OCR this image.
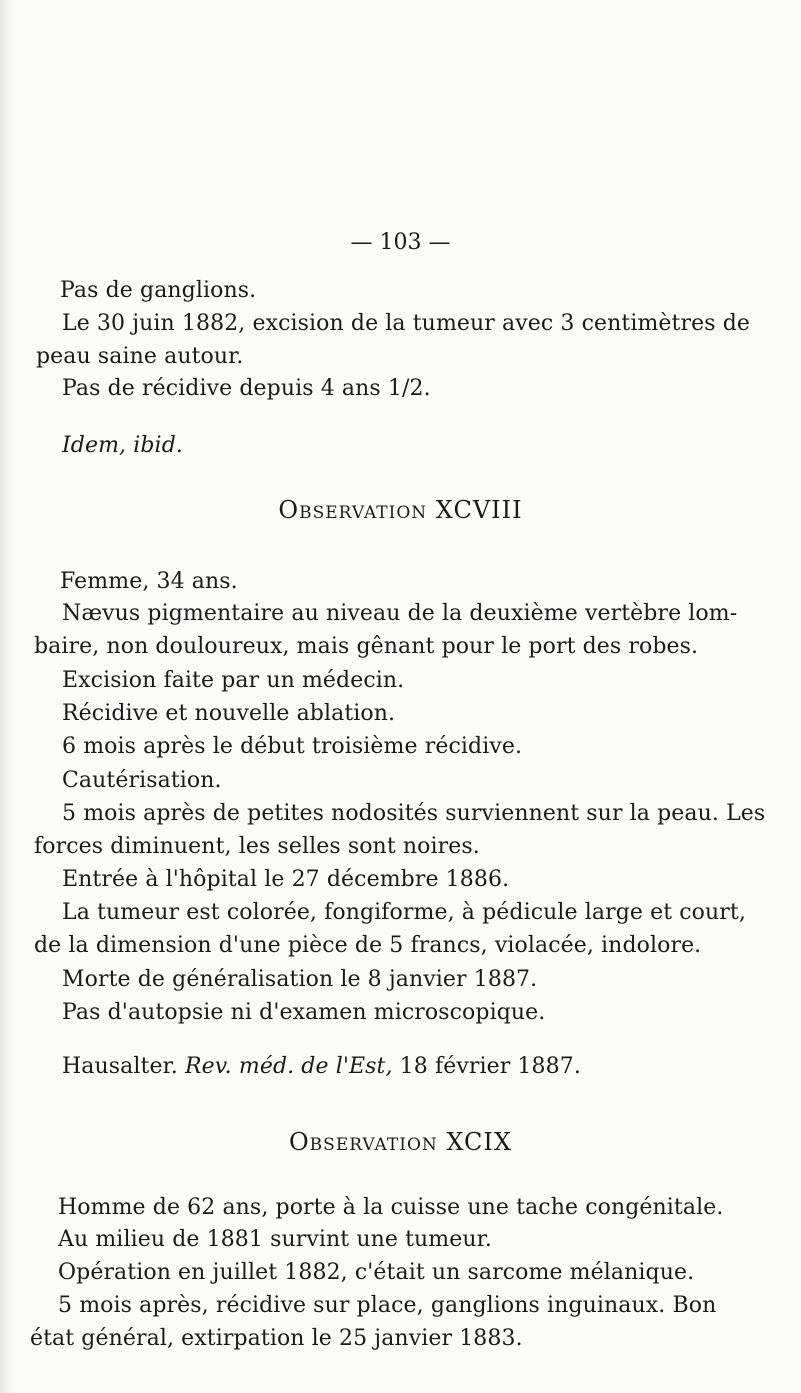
— 103 —
Pas de ganglions.
Le 30 juin 1882, excision de la tumeur avec 3 centimètres de
peau saine autour.
Pas de récidive depuis 4 ans 1/2.
Idem, ibid.
Observation XCVIII
Femme, 34 ans.
Nævus pigmentaire au niveau de la deuxième vertèbre lom-
baire, non douloureux, mais gênant pour le port des robes.
Excision faite par un médecin.
Récidive et nouvelle ablation.
6 mois après le début troisième récidive.
Cautérisation.
5 mois après de petites nodosités surviennent sur la peau. Les
forces diminuent, les selles sont noires.
Entrée à l'hôpital le 27 décembre 1886.
La tumeur est colorée, fongiforme, à pédicule large et court,
de la dimension d'une pièce de 5 francs, violacée, indolore.
Morte de généralisation le 8 janvier 1887.
Pas d'autopsie ni d'examen microscopique.
Hausalter. Rev. méd. de l'Est, 18 février 1887.
Observation XCIX
Homme de 62 ans, porte à la cuisse une tache congénitale.
Au milieu de 1881 survint une tumeur.
Opération en juillet 1882, c'était un sarcome mélanique.
5 mois après, récidive sur place, ganglions inguinaux. Bon
état général, extirpation le 25 janvier 1883.
